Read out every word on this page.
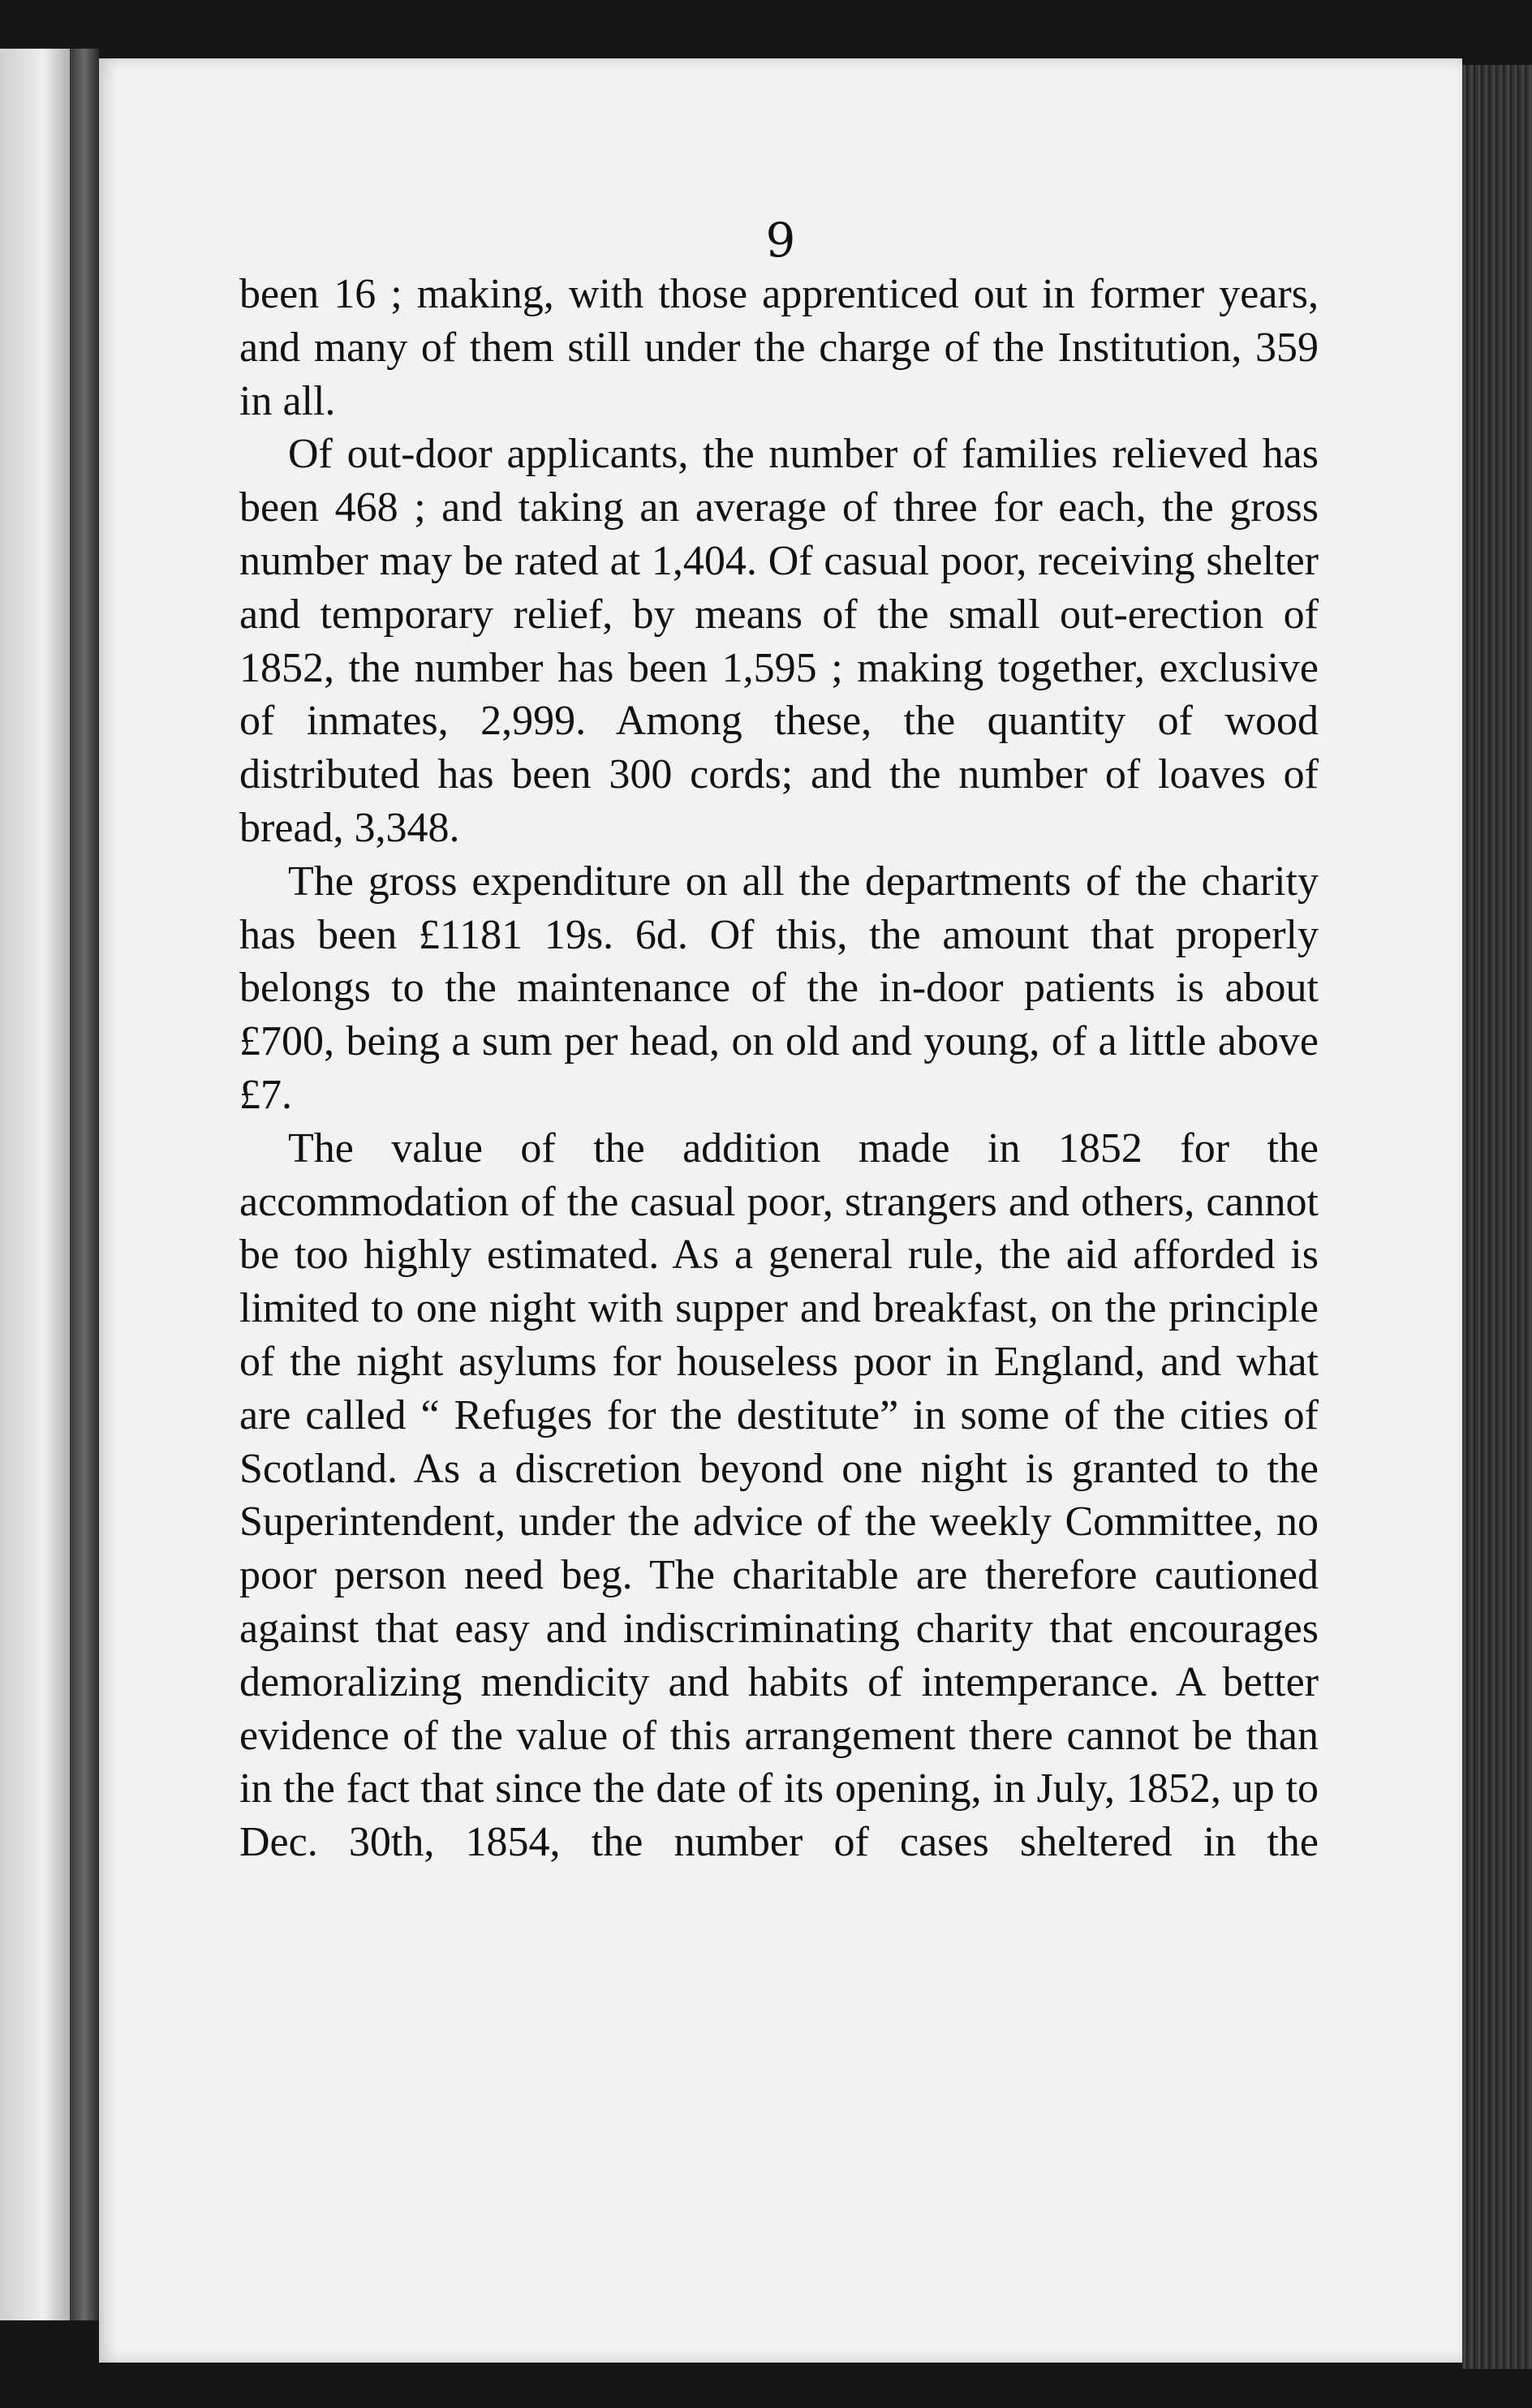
9

been 16 ; making, with those apprenticed out in former years, and many of them still under the charge of the Institution, 359 in all.

Of out-door applicants, the number of families relieved has been 468 ; and taking an average of three for each, the gross number may be rated at 1,404. Of casual poor, receiving shelter and temporary relief, by means of the small out-erection of 1852, the number has been 1,595 ; making together, exclusive of inmates, 2,999. Among these, the quantity of wood distributed has been 300 cords; and the number of loaves of bread, 3,348.

The gross expenditure on all the departments of the charity has been £1181 19s. 6d. Of this, the amount that properly belongs to the maintenance of the in-door patients is about £700, being a sum per head, on old and young, of a little above £7.

The value of the addition made in 1852 for the accommodation of the casual poor, strangers and others, cannot be too highly estimated. As a general rule, the aid afforded is limited to one night with supper and breakfast, on the principle of the night asylums for houseless poor in England, and what are called “ Refuges for the destitute” in some of the cities of Scotland. As a discretion beyond one night is granted to the Superintendent, under the advice of the weekly Committee, no poor person need beg. The charitable are therefore cautioned against that easy and indiscriminating charity that encourages demoralizing mendicity and habits of intemperance. A better evidence of the value of this arrangement there cannot be than in the fact that since the date of its opening, in July, 1852, up to Dec. 30th, 1854, the number of cases sheltered in the
